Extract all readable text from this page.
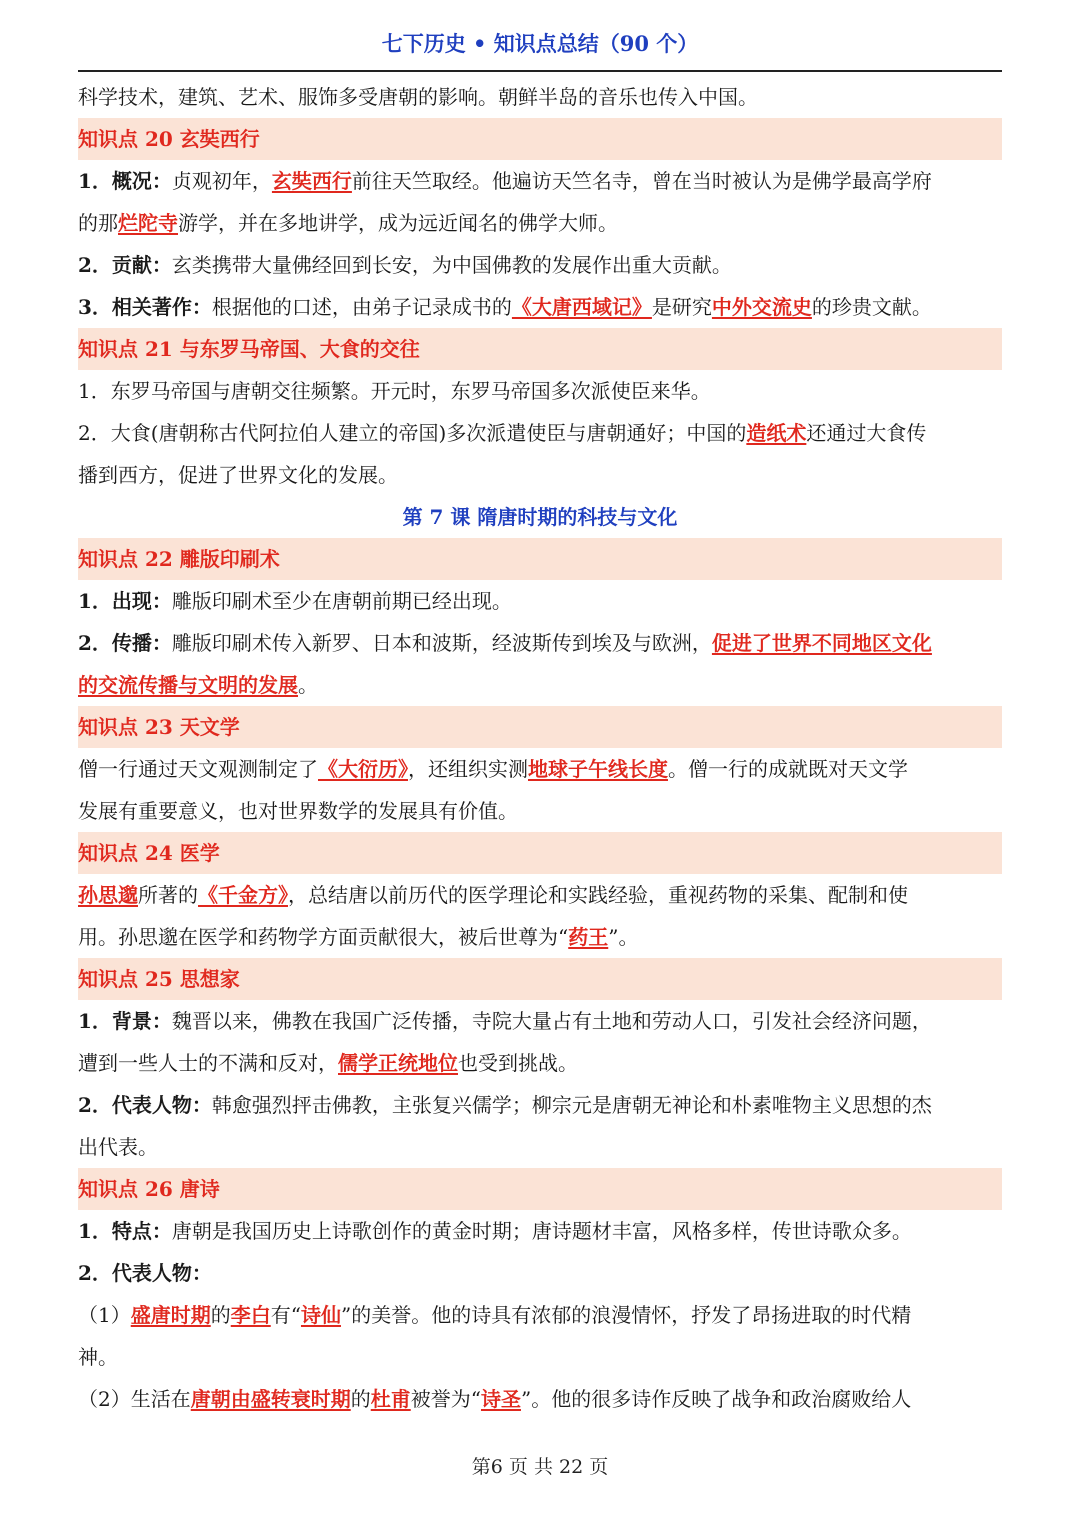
七下历史 • 知识点总结（90 个）

科学技术，建筑、艺术、服饰多受唐朝的影响。朝鲜半岛的音乐也传入中国。

知识点 20 玄奘西行

1．概况：贞观初年，玄奘西行前往天竺取经。他遍访天竺名寺，曾在当时被认为是佛学最高学府

的那烂陀寺游学，并在多地讲学，成为远近闻名的佛学大师。

2．贡献：玄类携带大量佛经回到长安，为中国佛教的发展作出重大贡献。

3．相关著作：根据他的口述，由弟子记录成书的《大唐西域记》是研究中外交流史的珍贵文献。

知识点 21 与东罗马帝国、大食的交往

1．东罗马帝国与唐朝交往频繁。开元时，东罗马帝国多次派使臣来华。

2．大食(唐朝称古代阿拉伯人建立的帝国)多次派遣使臣与唐朝通好；中国的造纸术还通过大食传

播到西方，促进了世界文化的发展。

第 7 课 隋唐时期的科技与文化
知识点 22 雕版印刷术

1．出现：雕版印刷术至少在唐朝前期已经出现。

2．传播：雕版印刷术传入新罗、日本和波斯，经波斯传到埃及与欧洲，促进了世界不同地区文化

的交流传播与文明的发展。

知识点 23 天文学

僧一行通过天文观测制定了《大衍历》，还组织实测地球子午线长度。僧一行的成就既对天文学

发展有重要意义，也对世界数学的发展具有价值。

知识点 24 医学

孙思邈所著的《千金方》，总结唐以前历代的医学理论和实践经验，重视药物的采集、配制和使

用。孙思邈在医学和药物学方面贡献很大，被后世尊为“药王”。

知识点 25 思想家

1．背景：魏晋以来，佛教在我国广泛传播，寺院大量占有土地和劳动人口，引发社会经济问题，

遭到一些人士的不满和反对，儒学正统地位也受到挑战。

2．代表人物：韩愈强烈抨击佛教，主张复兴儒学；柳宗元是唐朝无神论和朴素唯物主义思想的杰

出代表。

知识点 26 唐诗

1．特点：唐朝是我国历史上诗歌创作的黄金时期；唐诗题材丰富，风格多样，传世诗歌众多。

2．代表人物：

（1）盛唐时期的李白有“诗仙”的美誉。他的诗具有浓郁的浪漫情怀，抒发了昂扬进取的时代精

神。

（2）生活在唐朝由盛转衰时期的杜甫被誉为“诗圣”。他的很多诗作反映了战争和政治腐败给人

第6 页 共 22 页
